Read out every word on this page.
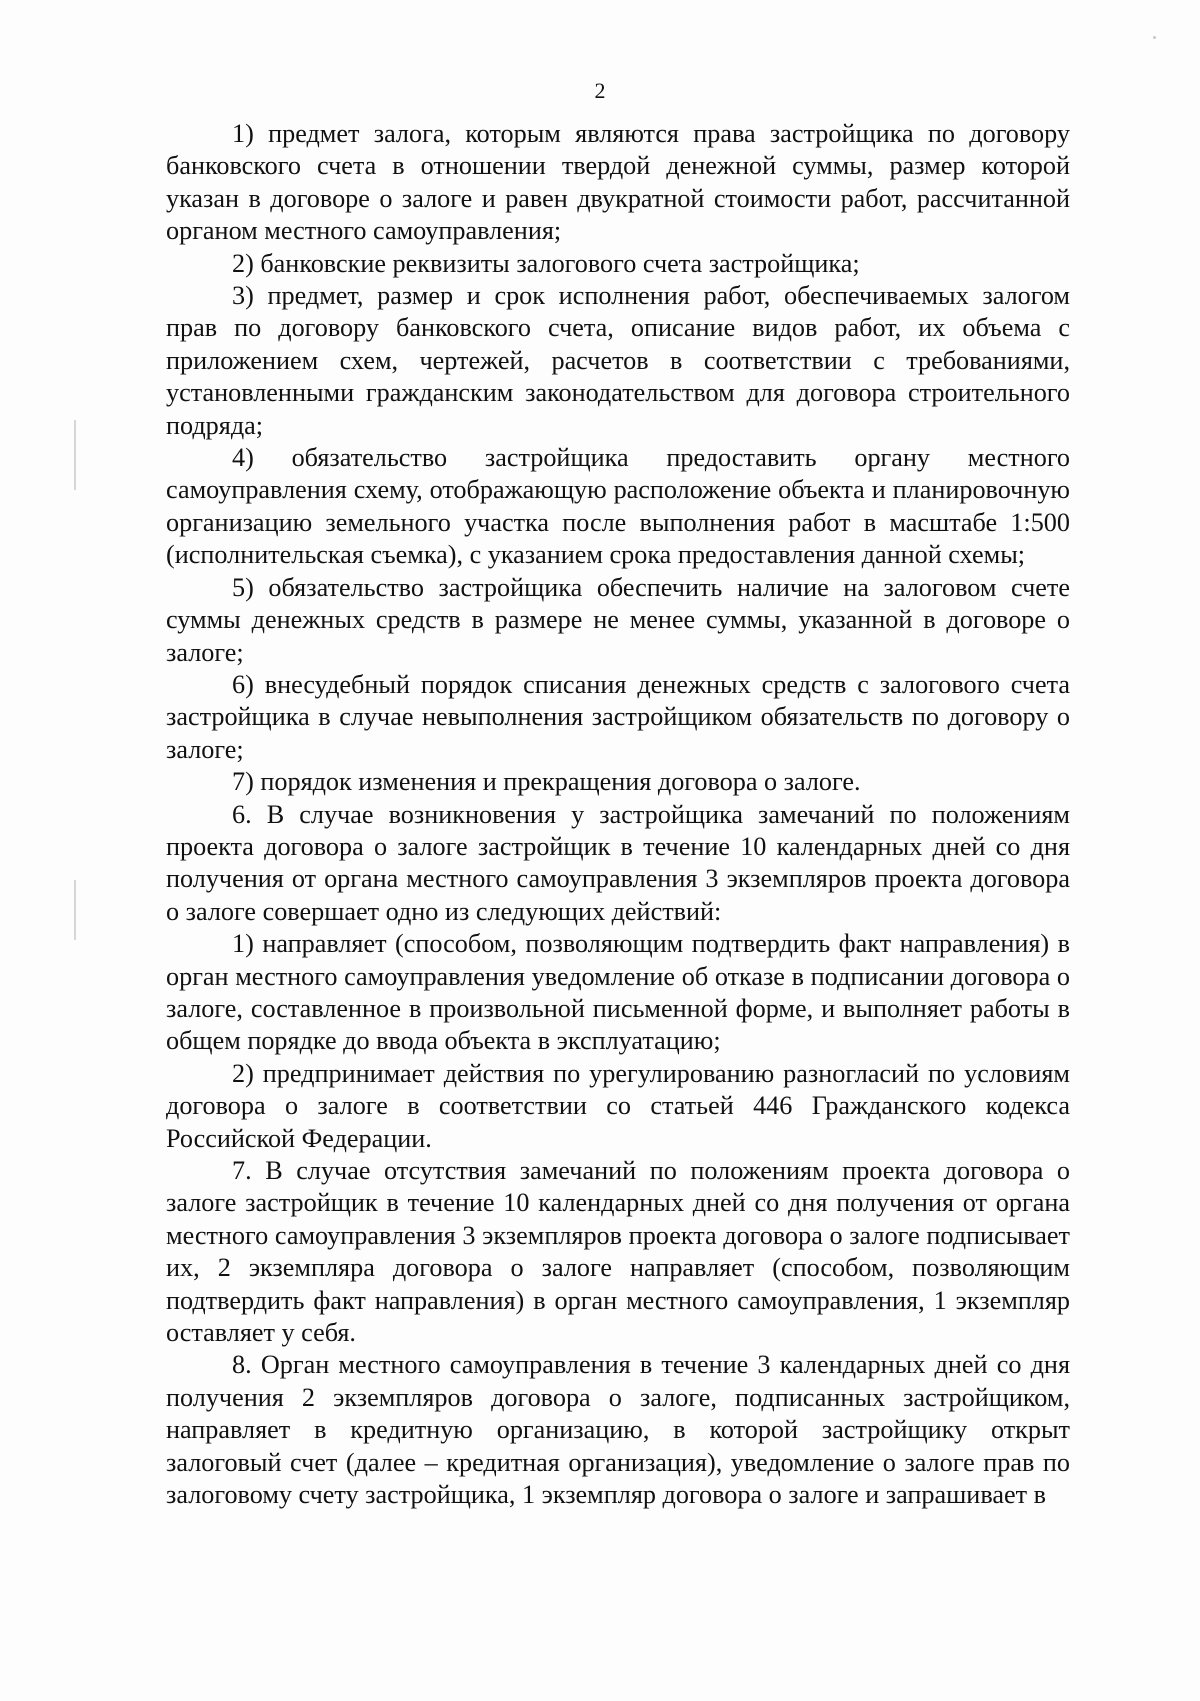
2

1) предмет залога, которым являются права застройщика по договору банковского счета в отношении твердой денежной суммы, размер которой указан в договоре о залоге и равен двукратной стоимости работ, рассчитанной органом местного самоуправления;

2) банковские реквизиты залогового счета застройщика;

3) предмет, размер и срок исполнения работ, обеспечиваемых залогом прав по договору банковского счета, описание видов работ, их объема с приложением схем, чертежей, расчетов в соответствии с требованиями, установленными гражданским законодательством для договора строительного подряда;

4) обязательство застройщика предоставить органу местного самоуправления схему, отображающую расположение объекта и планировочную организацию земельного участка после выполнения работ в масштабе 1:500 (исполнительская съемка), с указанием срока предоставления данной схемы;

5) обязательство застройщика обеспечить наличие на залоговом счете суммы денежных средств в размере не менее суммы, указанной в договоре о залоге;

6) внесудебный порядок списания денежных средств с залогового счета застройщика в случае невыполнения застройщиком обязательств по договору о залоге;

7) порядок изменения и прекращения договора о залоге.

6. В случае возникновения у застройщика замечаний по положениям проекта договора о залоге застройщик в течение 10 календарных дней со дня получения от органа местного самоуправления 3 экземпляров проекта договора о залоге совершает одно из следующих действий:

1) направляет (способом, позволяющим подтвердить факт направления) в орган местного самоуправления уведомление об отказе в подписании договора о залоге, составленное в произвольной письменной форме, и выполняет работы в общем порядке до ввода объекта в эксплуатацию;

2) предпринимает действия по урегулированию разногласий по условиям договора о залоге в соответствии со статьей 446 Гражданского кодекса Российской Федерации.

7. В случае отсутствия замечаний по положениям проекта договора о залоге застройщик в течение 10 календарных дней со дня получения от органа местного самоуправления 3 экземпляров проекта договора о залоге подписывает их, 2 экземпляра договора о залоге направляет (способом, позволяющим подтвердить факт направления) в орган местного самоуправления, 1 экземпляр оставляет у себя.

8. Орган местного самоуправления в течение 3 календарных дней со дня получения 2 экземпляров договора о залоге, подписанных застройщиком, направляет в кредитную организацию, в которой застройщику открыт залоговый счет (далее – кредитная организация), уведомление о залоге прав по залоговому счету застройщика, 1 экземпляр договора о залоге и запрашивает в
